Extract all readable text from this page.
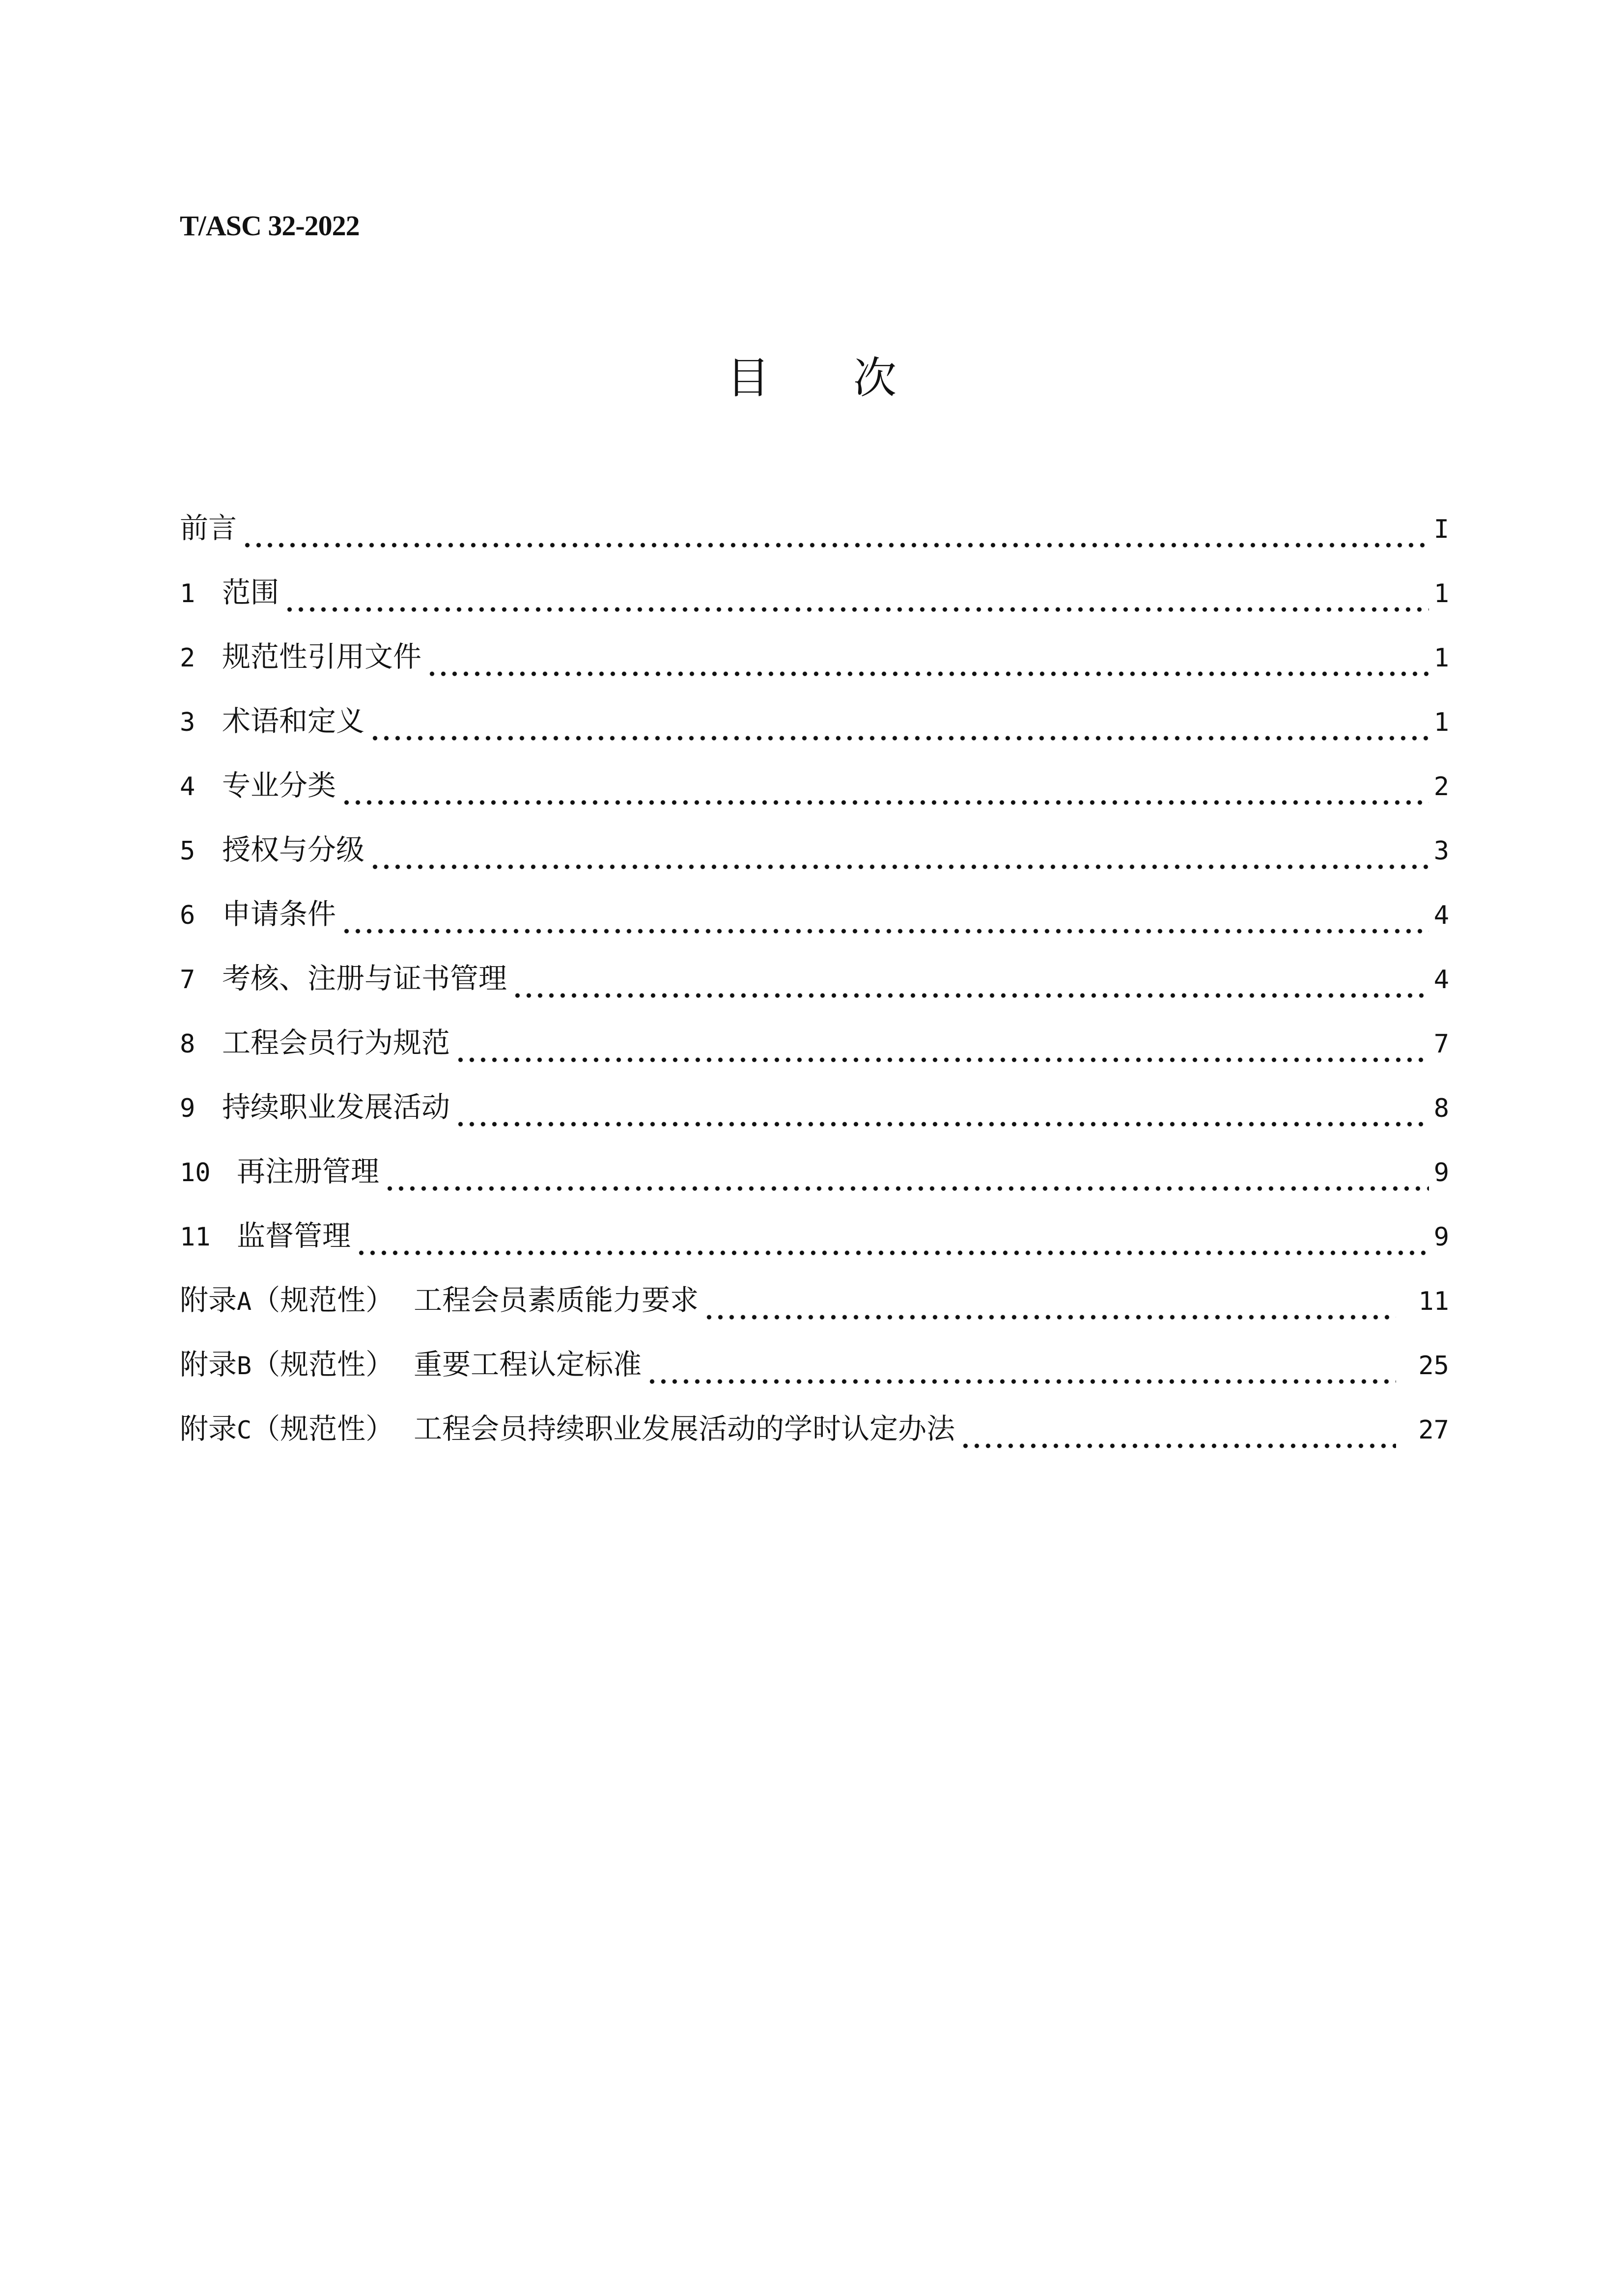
T/ASC 32-2022
目次
前言	I
1 范围	1
2 规范性引用文件	1
3 术语和定义	1
4 专业分类	2
5 授权与分级	3
6 申请条件	4
7 考核、注册与证书管理	4
8 工程会员行为规范	7
9 持续职业发展活动	8
10 再注册管理	9
11 监督管理	9
附录A（规范性） 工程会员素质能力要求	11
附录B（规范性） 重要工程认定标准	25
附录C（规范性） 工程会员持续职业发展活动的学时认定办法	27
